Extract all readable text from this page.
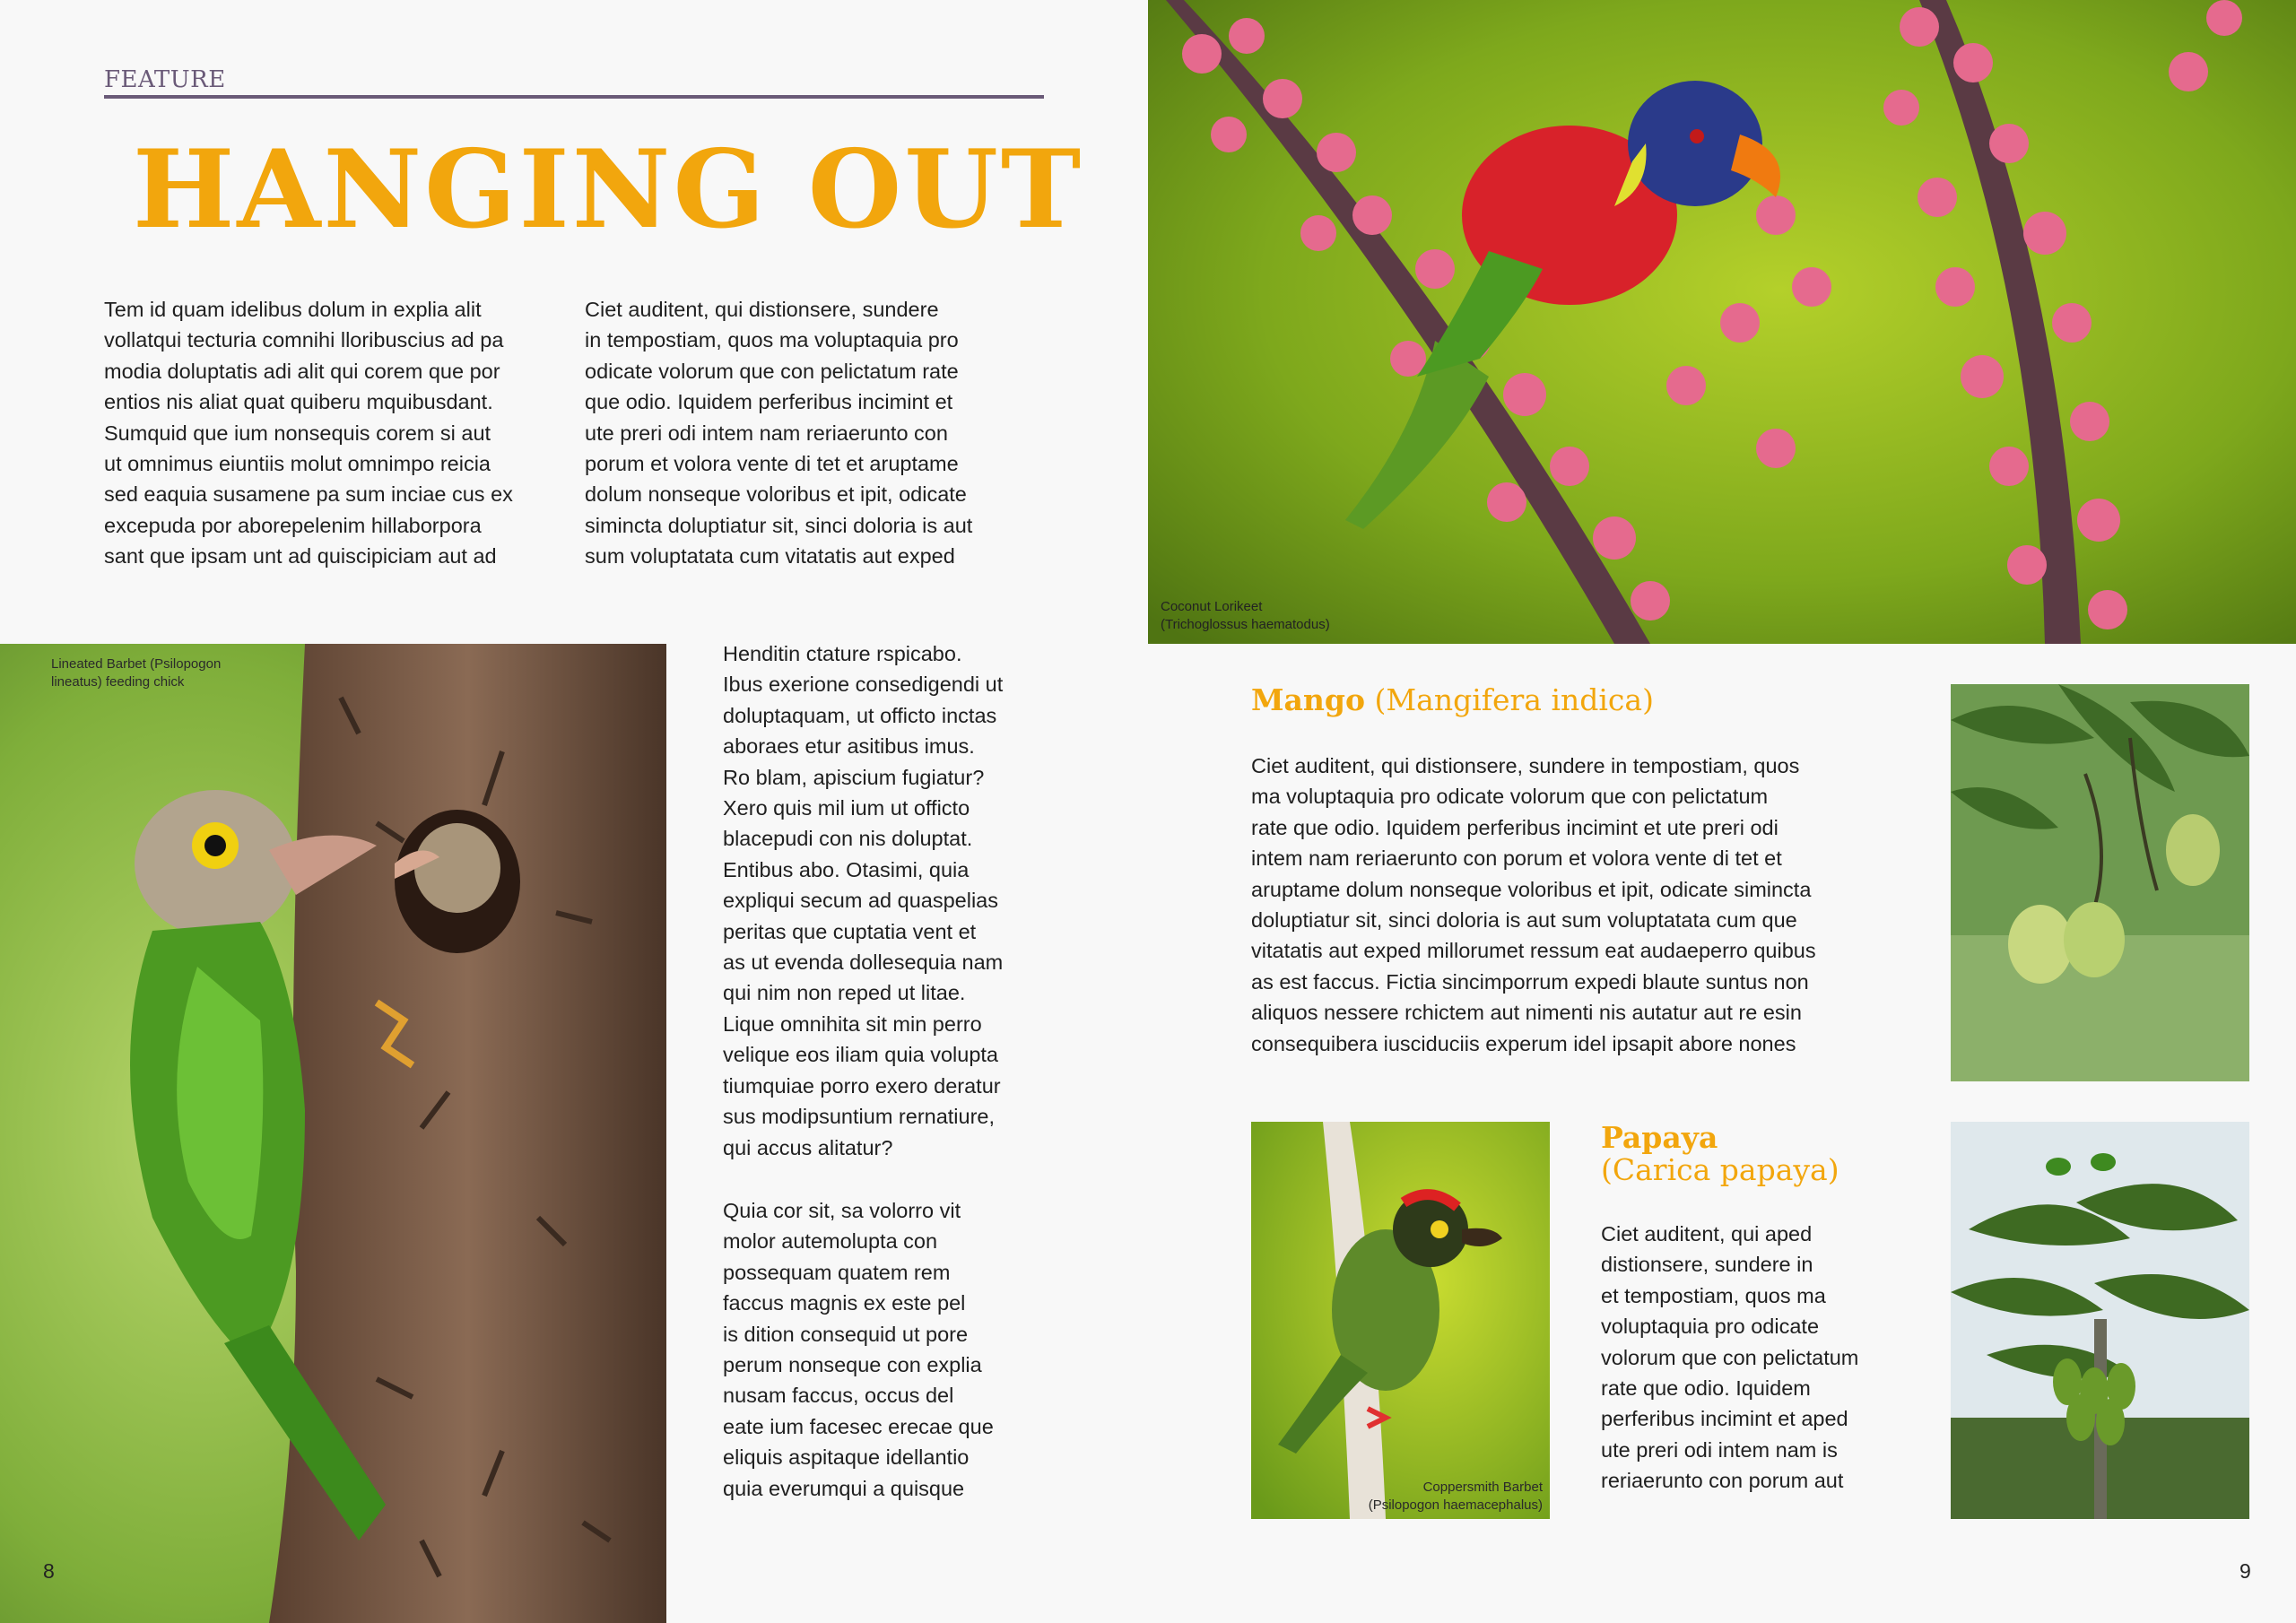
FEATURE
HANGING OUT
Tem id quam idelibus dolum in explia alit
vollatqui tecturia comnihi lloribuscius ad pa
modia doluptatis adi alit qui corem que por
entios nis aliat quat quiberu mquibusdant.
Sumquid que ium nonsequis corem si aut
ut omnimus eiuntiis molut omnimpo reicia
sed eaquia susamene pa sum inciae cus ex
excepuda por aborepelenim hillaborpora
sant que ipsam unt ad quiscipiciam aut ad
Ciet auditent, qui distionsere, sundere
in tempostiam, quos ma voluptaquia pro
odicate volorum que con pelictatum rate
que odio. Iquidem perferibus incimint et
ute preri odi intem nam reriaerunto con
porum et volora vente di tet et aruptame
dolum nonseque voloribus et ipit, odicate
simincta doluptiatur sit, sinci doloria is aut
sum voluptatata cum vitatatis aut exped
Lineated Barbet (Psilopogon
lineatus) feeding chick
Henditin ctature rspicabo.
Ibus exerione consedigendi ut
doluptaquam, ut officto inctas
aboraes etur asitibus imus.
Ro blam, apiscium fugiatur?
Xero quis mil ium ut officto
blacepudi con nis doluptat.
Entibus abo. Otasimi, quia
expliqui secum ad quaspelias
peritas que cuptatia vent et
as ut evenda dollesequia nam
qui nim non reped ut litae.
Lique omnihita sit min perro
velique eos iliam quia volupta
tiumquiae porro exero deratur
sus modipsuntium rernatiure,
qui accus alitatur?
Quia cor sit, sa volorro vit
molor autemolupta con
possequam quatem rem
faccus magnis ex este pel
is dition consequid ut pore
perum nonseque con explia
nusam faccus, occus del
eate ium facesec erecae que
eliquis aspitaque idellantio
quia everumqui a quisque
8
Coconut Lorikeet
(Trichoglossus haematodus)
Mango (Mangifera indica)
Ciet auditent, qui distionsere, sundere in tempostiam, quos
ma voluptaquia pro odicate volorum que con pelictatum
rate que odio. Iquidem perferibus incimint et ute preri odi
intem nam reriaerunto con porum et volora vente di tet et
aruptame dolum nonseque voloribus et ipit, odicate simincta
doluptiatur sit, sinci doloria is aut sum voluptatata cum que
vitatatis aut exped millorumet ressum eat audaeperro quibus
as est faccus. Fictia sincimporrum expedi blaute suntus non
aliquos nessere rchictem aut nimenti nis autatur aut re esin
consequibera iusciduciis experum idel ipsapit abore nones
Coppersmith Barbet
(Psilopogon haemacephalus)
Papaya
(Carica papaya)
Ciet auditent, qui aped
distionsere, sundere in
et tempostiam, quos ma
voluptaquia pro odicate
volorum que con pelictatum
rate que odio. Iquidem
perferibus incimint et aped
ute preri odi intem nam is
reriaerunto con porum aut
9
